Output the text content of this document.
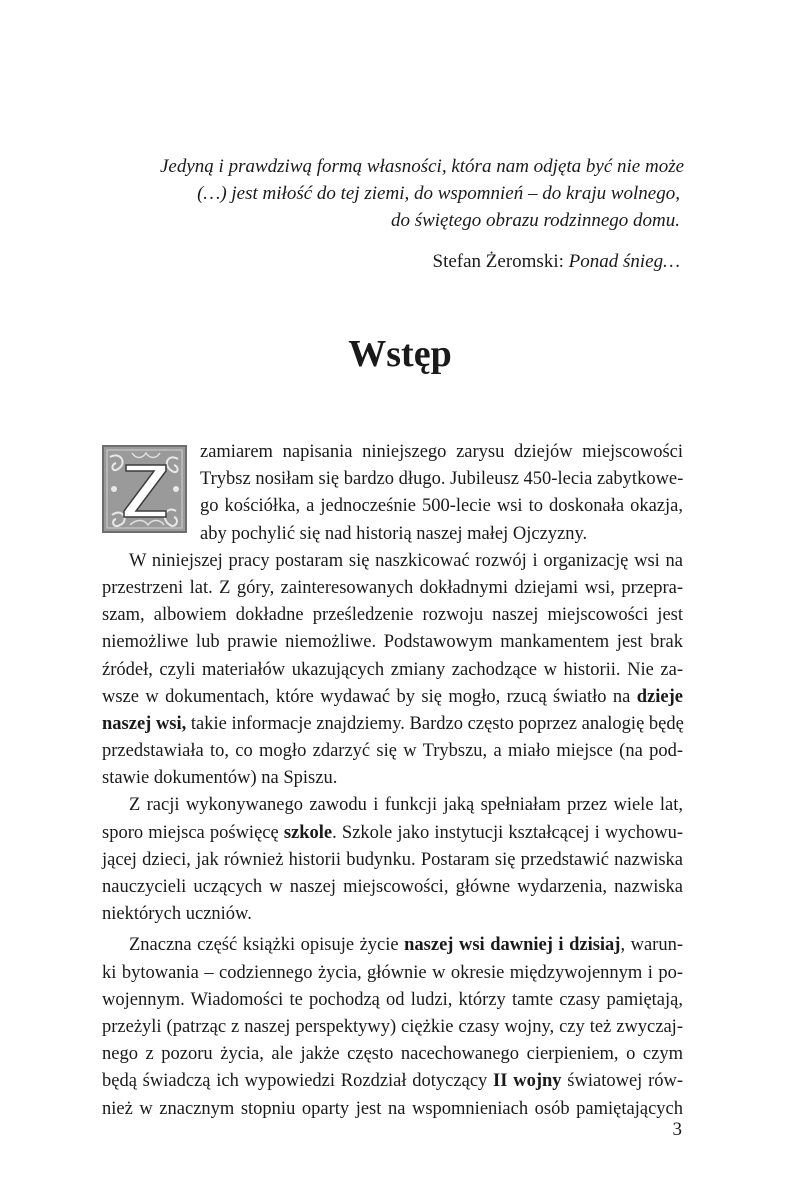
Jedyną i prawdziwą formą własności, która nam odjęta być nie może
(…) jest miłość do tej ziemi, do wspomnień – do kraju wolnego,
do świętego obrazu rodzinnego domu.
Stefan Żeromski: Ponad śnieg…
Wstęp
zamiarem napisania niniejszego zarysu dziejów miejscowości
Trybsz nosiłam się bardzo długo. Jubileusz 450-lecia zabytkowe-
go kościółka, a jednocześnie 500-lecie wsi to doskonała okazja,
aby pochylić się nad historią naszej małej Ojczyzny.
W niniejszej pracy postaram się naszkicować rozwój i organizację wsi na
przestrzeni lat. Z góry, zainteresowanych dokładnymi dziejami wsi, przepra-
szam, albowiem dokładne prześledzenie rozwoju naszej miejscowości jest
niemożliwe lub prawie niemożliwe. Podstawowym mankamentem jest brak
źródeł, czyli materiałów ukazujących zmiany zachodzące w historii. Nie za-
wsze w dokumentach, które wydawać by się mogło, rzucą światło na dzieje
naszej wsi, takie informacje znajdziemy. Bardzo często poprzez analogię będę
przedstawiała to, co mogło zdarzyć się w Trybszu, a miało miejsce (na pod-
stawie dokumentów) na Spiszu.
Z racji wykonywanego zawodu i funkcji jaką spełniałam przez wiele lat,
sporo miejsca poświęcę szkole. Szkole jako instytucji kształcącej i wychowu-
jącej dzieci, jak również historii budynku. Postaram się przedstawić nazwiska
nauczycieli uczących w naszej miejscowości, główne wydarzenia, nazwiska
niektórych uczniów.
Znaczna część książki opisuje życie naszej wsi dawniej i dzisiaj, warun-
ki bytowania – codziennego życia, głównie w okresie międzywojennym i po-
wojennym. Wiadomości te pochodzą od ludzi, którzy tamte czasy pamiętają,
przeżyli (patrząc z naszej perspektywy) ciężkie czasy wojny, czy też zwyczaj-
nego z pozoru życia, ale jakże często nacechowanego cierpieniem, o czym
będą świadczą ich wypowiedzi Rozdział dotyczący II wojny światowej rów-
nież w znacznym stopniu oparty jest na wspomnieniach osób pamiętających
3
